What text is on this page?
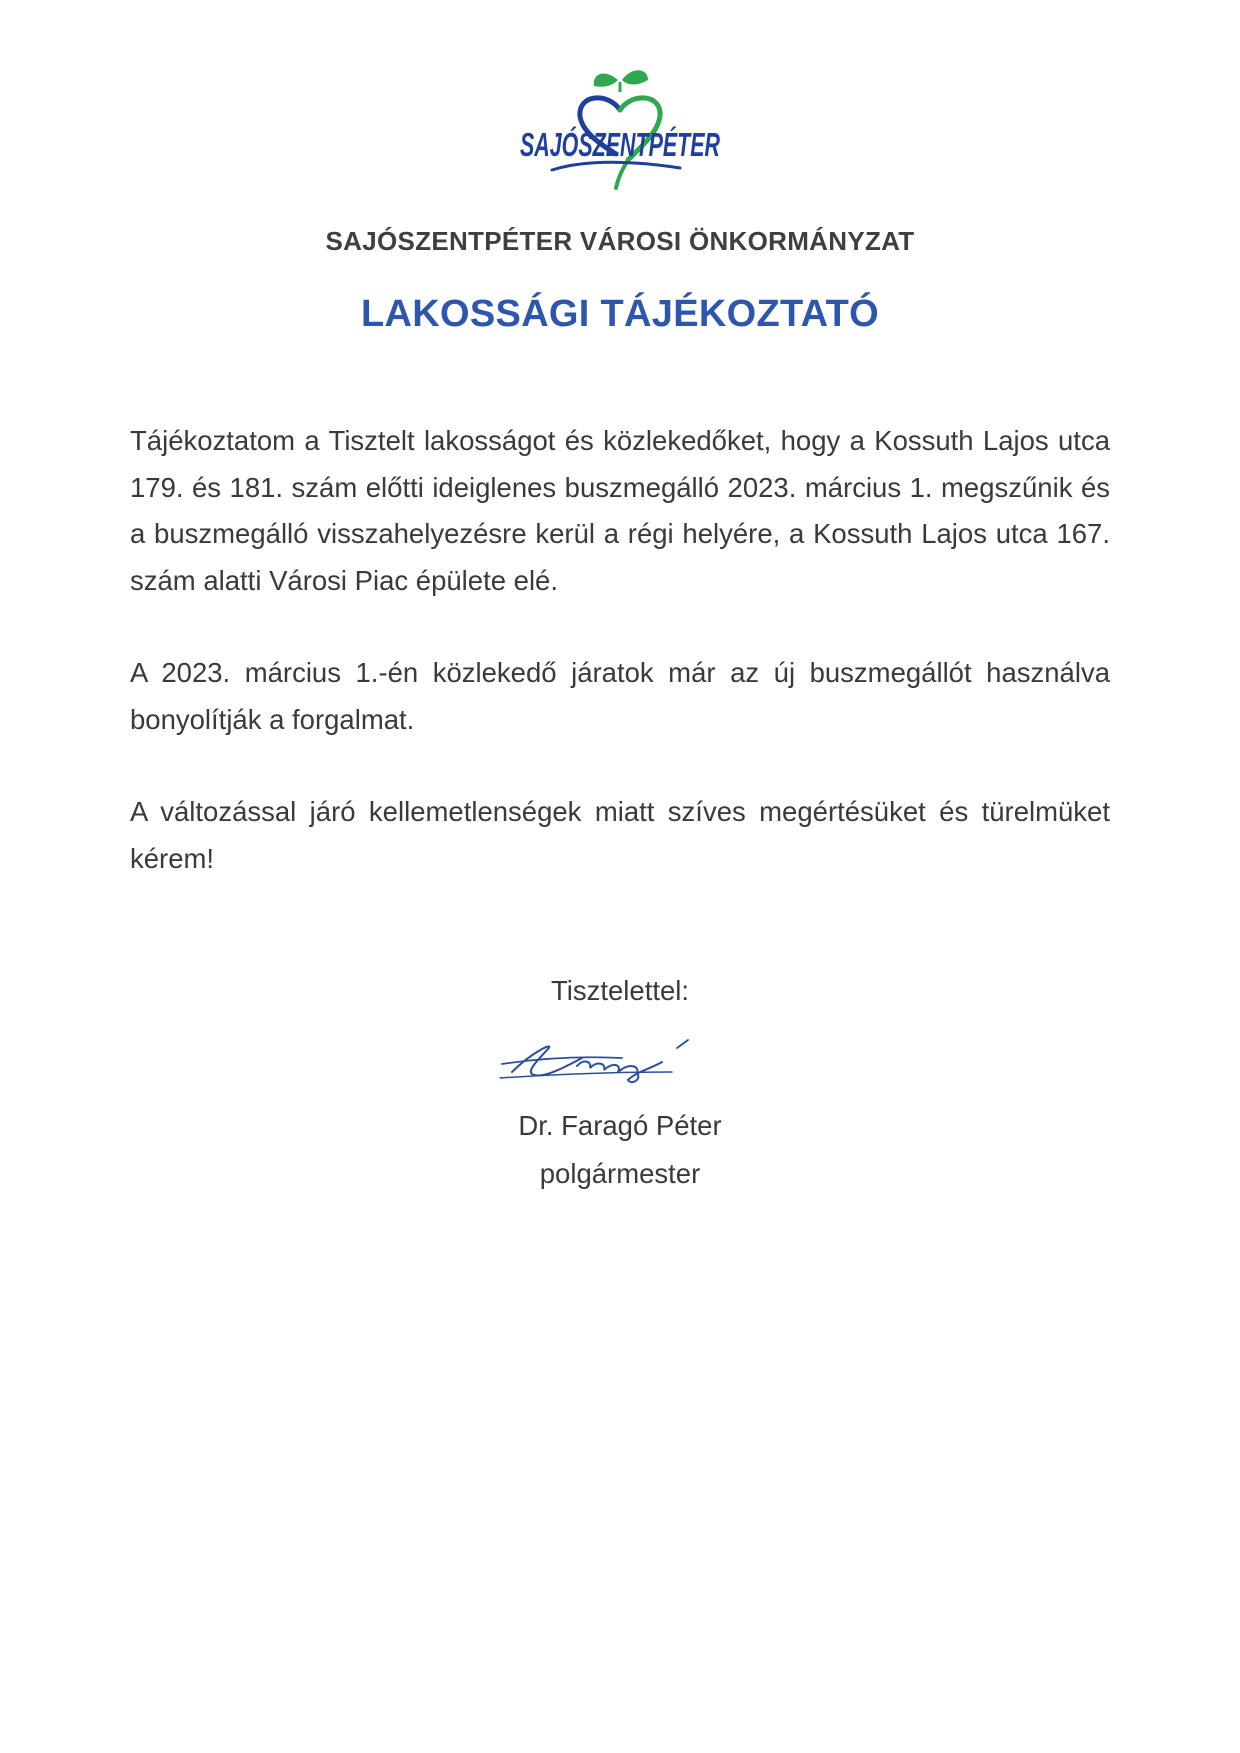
SAJÓSZENTPÉTER
SAJÓSZENTPÉTER VÁROSI ÖNKORMÁNYZAT
LAKOSSÁGI TÁJÉKOZTATÓ

Tájékoztatom a Tisztelt lakosságot és közlekedőket, hogy a Kossuth Lajos utca 179. és 181. szám előtti ideiglenes buszmegálló 2023. március 1. megszűnik és a buszmegálló visszahelyezésre kerül a régi helyére, a Kossuth Lajos utca 167. szám alatti Városi Piac épülete elé.

A 2023. március 1.-én közlekedő járatok már az új buszmegállót használva bonyolítják a forgalmat.

A változással járó kellemetlenségek miatt szíves megértésüket és türelmüket kérem!

Tisztelettel:
Dr. Faragó Péter
polgármester
